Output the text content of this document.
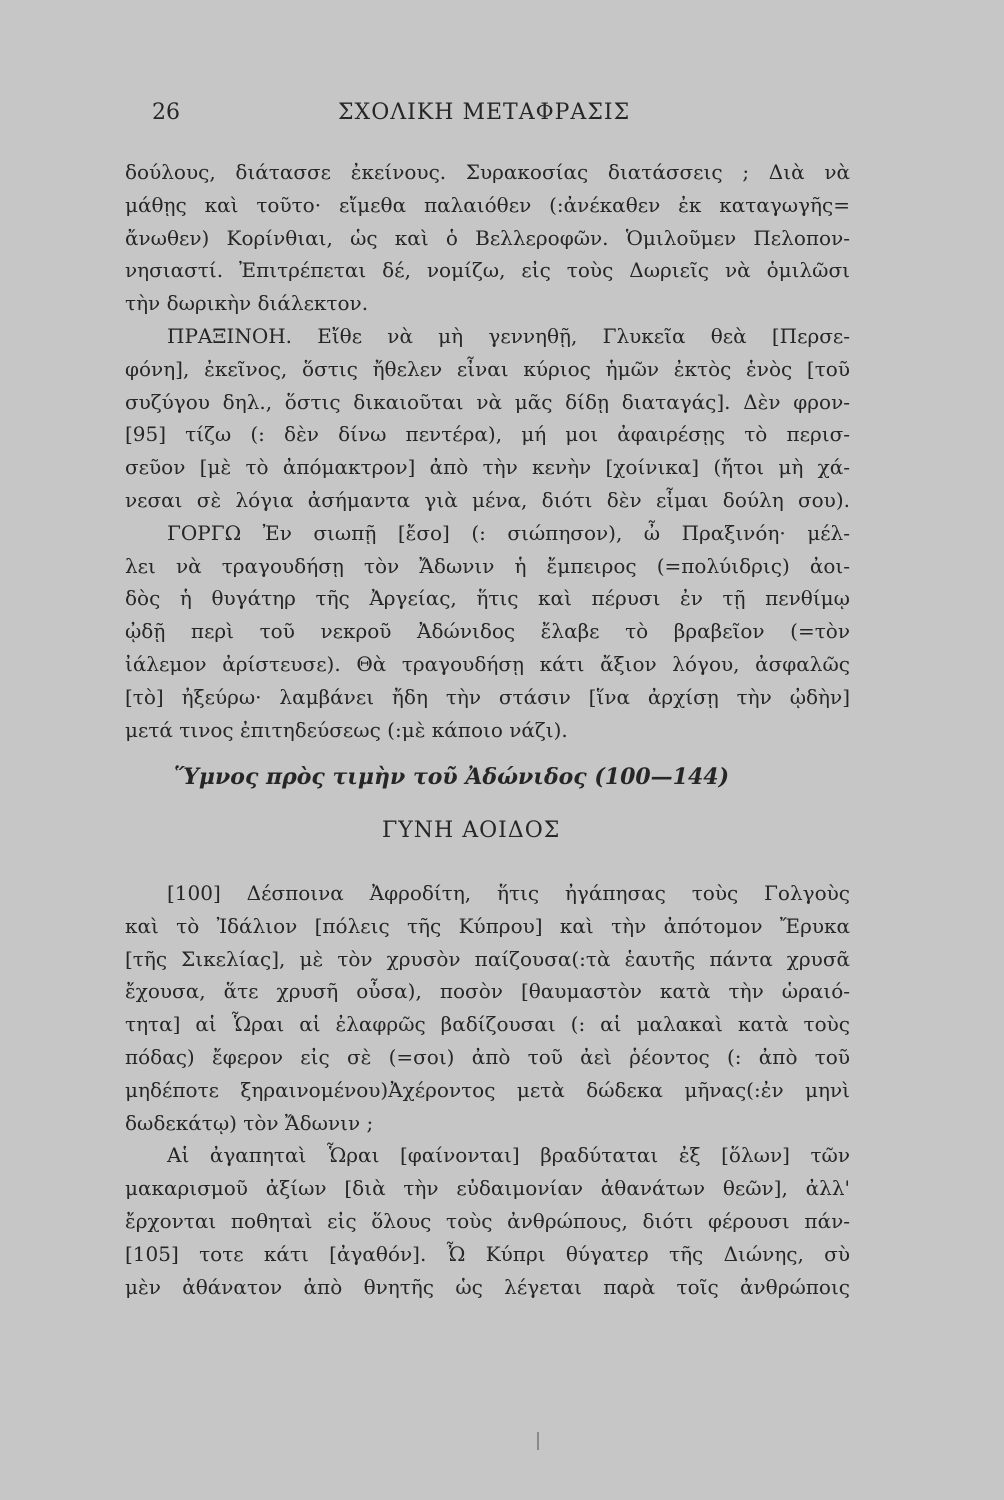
26	ΣΧΟΛΙΚΗ ΜΕΤΑΦΡΑΣΙΣ
δούλους, διάτασσε ἐκείνους. Συρακοσίας διατάσσεις ; Διὰ νὰ
μάθῃς καὶ τοῦτο· εἴμεθα παλαιόθεν (:ἀνέκαθεν ἐκ καταγωγῆς=
ἄνωθεν) Κορίνθιαι, ὡς καὶ ὁ Βελλεροφῶν. Ὁμιλοῦμεν Πελοπον-
νησιαστί. Ἐπιτρέπεται δέ, νομίζω, εἰς τοὺς Δωριεῖς νὰ ὁμιλῶσι
τὴν δωρικὴν διάλεκτον.
ΠΡΑΞΙΝΟΗ. Εἴθε νὰ μὴ γεννηθῇ, Γλυκεῖα θεὰ [Περσε-
φόνη], ἐκεῖνος, ὅστις ἤθελεν εἶναι κύριος ἡμῶν ἐκτὸς ἑνὸς [τοῦ
συζύγου δηλ., ὅστις δικαιοῦται νὰ μᾶς δίδῃ διαταγάς]. Δὲν φρον-
[95] τίζω (: δὲν δίνω πεντέρα), μή μοι ἀφαιρέσῃς τὸ περισ-
σεῦον [μὲ τὸ ἀπόμακτρον] ἀπὸ τὴν κενὴν [χοίνικα] (ἤτοι μὴ χά-
νεσαι σὲ λόγια ἀσήμαντα γιὰ μένα, διότι δὲν εἶμαι δούλη σου).
ΓΟΡΓΩ Ἐν σιωπῇ [ἔσο] (: σιώπησον), ὦ Πραξινόη· μέλ-
λει νὰ τραγουδήσῃ τὸν Ἄδωνιν ἡ ἔμπειρος (=πολύιδρις) ἀοι-
δὸς ἡ θυγάτηρ τῆς Ἀργείας, ἥτις καὶ πέρυσι ἐν τῇ πενθίμῳ
ᾠδῇ περὶ τοῦ νεκροῦ Ἀδώνιδος ἔλαβε τὸ βραβεῖον (=τὸν
ἰάλεμον ἀρίστευσε). Θὰ τραγουδήσῃ κάτι ἄξιον λόγου, ἀσφαλῶς
[τὸ] ἠξεύρω· λαμβάνει ἤδη τὴν στάσιν [ἵνα ἀρχίσῃ τὴν ᾠδὴν]
μετά τινος ἐπιτηδεύσεως (:μὲ κάποιο νάζι).
Ὕμνος πρὸς τιμὴν τοῦ Ἀδώνιδος (100—144)
ΓΥΝΗ ΑΟΙΔΟΣ
[100] Δέσποινα Ἀφροδίτη, ἥτις ἠγάπησας τοὺς Γολγοὺς
καὶ τὸ Ἰδάλιον [πόλεις τῆς Κύπρου] καὶ τὴν ἀπότομον Ἔρυκα
[τῆς Σικελίας], μὲ τὸν χρυσὸν παίζουσα(:τὰ ἑαυτῆς πάντα χρυσᾶ
ἔχουσα, ἅτε χρυσῆ οὖσα), ποσὸν [θαυμαστὸν κατὰ τὴν ὡραιό-
τητα] αἱ Ὧραι αἱ ἐλαφρῶς βαδίζουσαι (: αἱ μαλακαὶ κατὰ τοὺς
πόδας) ἔφερον εἰς σὲ (=σοι) ἀπὸ τοῦ ἀεὶ ῥέοντος (: ἀπὸ τοῦ
μηδέποτε ξηραινομένου)Ἀχέροντος μετὰ δώδεκα μῆνας(:ἐν μηνὶ
δωδεκάτῳ) τὸν Ἄδωνιν ;
Αἱ ἀγαπηταὶ Ὧραι [φαίνονται] βραδύταται ἐξ [ὅλων] τῶν
μακαρισμοῦ ἀξίων [διὰ τὴν εὐδαιμονίαν ἀθανάτων θεῶν], ἀλλ'
ἔρχονται ποθηταὶ εἰς ὅλους τοὺς ἀνθρώπους, διότι φέρουσι πάν-
[105] τοτε κάτι [ἀγαθόν]. Ὦ Κύπρι θύγατερ τῆς Διώνης, σὺ
μὲν ἀθάνατον ἀπὸ θνητῆς ὡς λέγεται παρὰ τοῖς ἀνθρώποις
